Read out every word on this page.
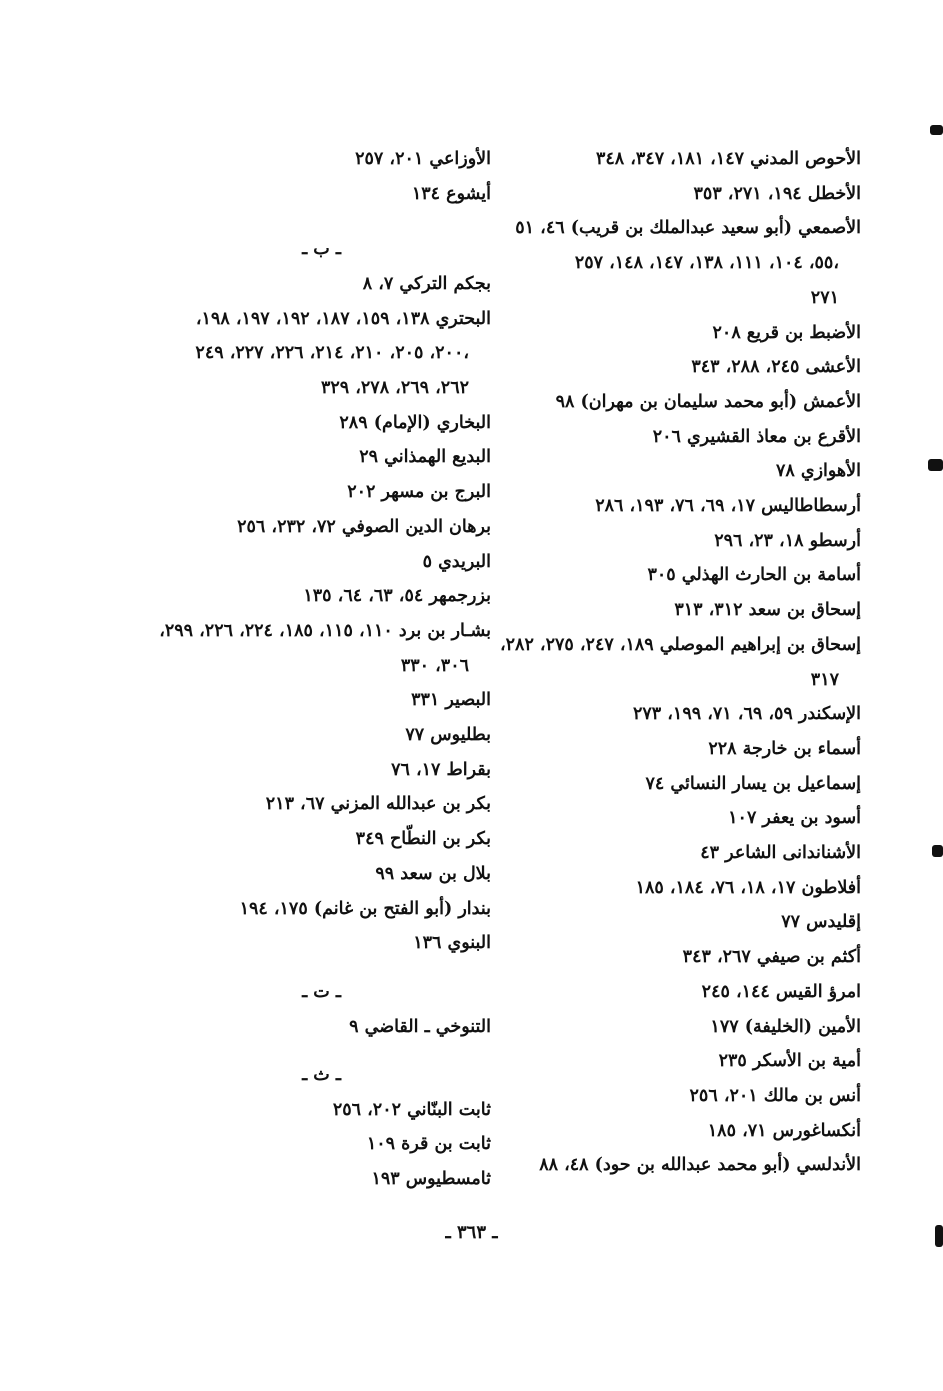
الأحوص المدني ١٤٧، ١٨١، ٣٤٧، ٣٤٨
الأخطل ١٩٤، ٢٧١، ٣٥٣
الأصمعي (أبو سعيد عبدالملك بن قريب) ٤٦، ٥١
٥٥، ١٠٤، ١١١، ١٣٨، ١٤٧، ١٤٨، ٢٥٧،
٢٧١
الأضبط بن قريع ٢٠٨
الأعشى ٢٤٥، ٢٨٨، ٣٤٣
الأعمش (أبو محمد سليمان بن مهران) ٩٨
الأقرع بن معاذ القشيري ٢٠٦
الأهوازي ٧٨
أرسطاطاليس ١٧، ٦٩، ٧٦، ١٩٣، ٢٨٦
أرسطو ١٨، ٢٣، ٢٩٦
أسامة بن الحارث الهذلي ٣٠٥
إسحاق بن سعد ٣١٢، ٣١٣
إسحاق بن إبراهيم الموصلي ١٨٩، ٢٤٧، ٢٧٥، ٢٨٢،
٣١٧
الإسكندر ٥٩، ٦٩، ٧١، ١٩٩، ٢٧٣
أسماء بن خارجة ٢٢٨
إسماعيل بن يسار النسائي ٧٤
أسود بن يعفر ١٠٧
الأشناندانى الشاعر ٤٣
أفلاطون ١٧، ١٨، ٧٦، ١٨٤، ١٨٥
إقليدس ٧٧
أكثم بن صيفي ٢٦٧، ٣٤٣
امرؤ القيس ١٤٤، ٢٤٥
الأمين (الخليفة) ١٧٧
أمية بن الأسكر ٢٣٥
أنس بن مالك ٢٠١، ٢٥٦
أنكساغورس ٧١، ١٨٥
الأندلسي (أبو محمد عبدالله بن حود) ٤٨، ٨٨
الأوزاعي ٢٠١، ٢٥٧
أيشوع ١٣٤
ـ ب ـ
بجكم التركي ٧، ٨
البحتري ١٣٨، ١٥٩، ١٨٧، ١٩٢، ١٩٧، ١٩٨،
٢٠٠، ٢٠٥، ٢١٠، ٢١٤، ٢٢٦، ٢٢٧، ٢٤٩،
٢٦٢، ٢٦٩، ٢٧٨، ٣٢٩
البخاري (الإمام) ٢٨٩
البديع الهمذاني ٢٩
البرج بن مسهر ٢٠٢
برهان الدين الصوفي ٧٢، ٢٣٢، ٢٥٦
البريدي ٥
بزرجمهر ٥٤، ٦٣، ٦٤، ١٣٥
بشـار بن برد ١١٠، ١١٥، ١٨٥، ٢٢٤، ٢٢٦، ٢٩٩،
٣٠٦، ٣٣٠
البصير ٣٣١
بطليوس ٧٧
بقراط ١٧، ٧٦
بكر بن عبدالله المزني ٦٧، ٢١٣
بكر بن النطّاح ٣٤٩
بلال بن سعد ٩٩
بندار (أبو الفتح بن غانم) ١٧٥، ١٩٤
البنوي ١٣٦
ـ ت ـ
التنوخي ـ القاضي ٩
ـ ث ـ
ثابت البنّاني ٢٠٢، ٢٥٦
ثابت بن قرة ١٠٩
ثامسطيوس ١٩٣
ـ ٣٦٣ ـ
